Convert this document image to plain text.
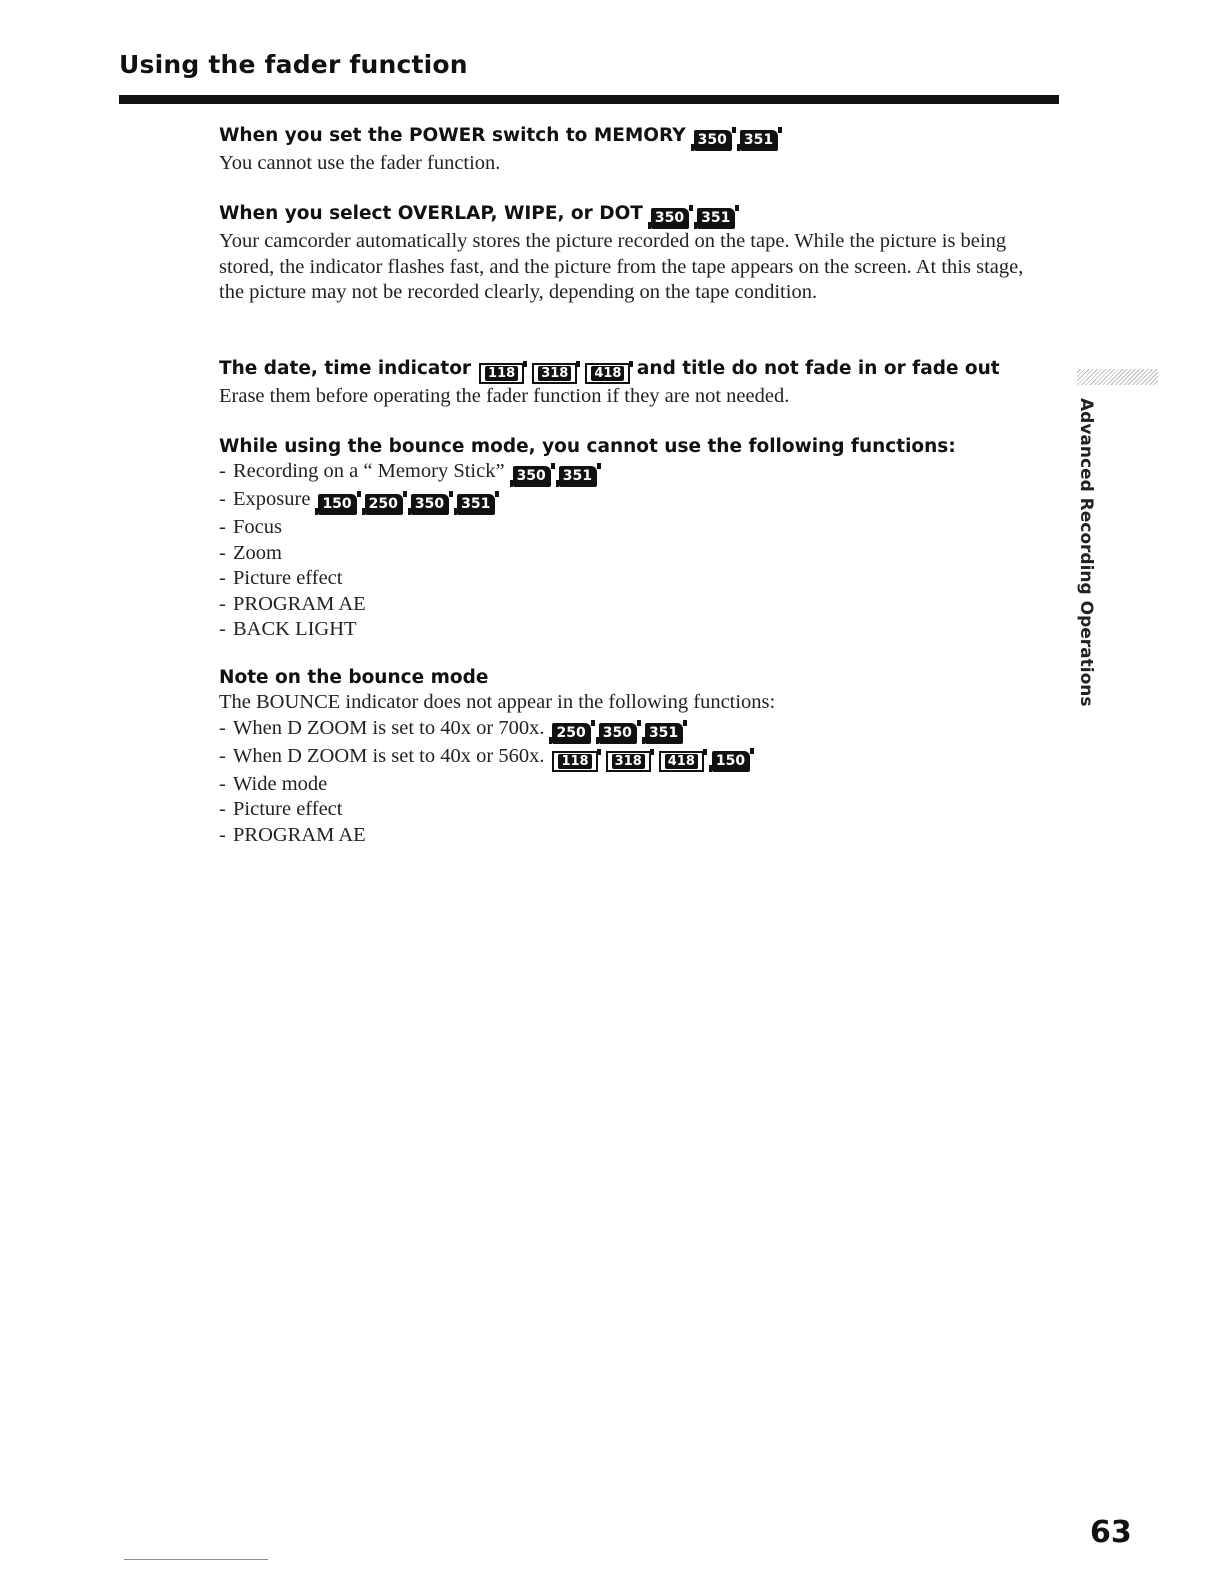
Using the fader function
When you set the POWER switch to MEMORY 350 351
You cannot use the fader function.
When you select OVERLAP, WIPE, or DOT 350 351
Your camcorder automatically stores the picture recorded on the tape. While the picture is being stored, the indicator flashes fast, and the picture from the tape appears on the screen. At this stage, the picture may not be recorded clearly, depending on the tape condition.
The date, time indicator 118 318 418 and title do not fade in or fade out
Erase them before operating the fader function if they are not needed.
While using the bounce mode, you cannot use the following functions:
- Recording on a “ Memory Stick” 350 351
- Exposure 150 250 350 351
- Focus
- Zoom
- Picture effect
- PROGRAM AE
- BACK LIGHT
Note on the bounce mode
The BOUNCE indicator does not appear in the following functions:
- When D ZOOM is set to 40x or 700x. 250 350 351
- When D ZOOM is set to 40x or 560x. 118 318 418 150
- Wide mode
- Picture effect
- PROGRAM AE
Advanced Recording Operations
63
